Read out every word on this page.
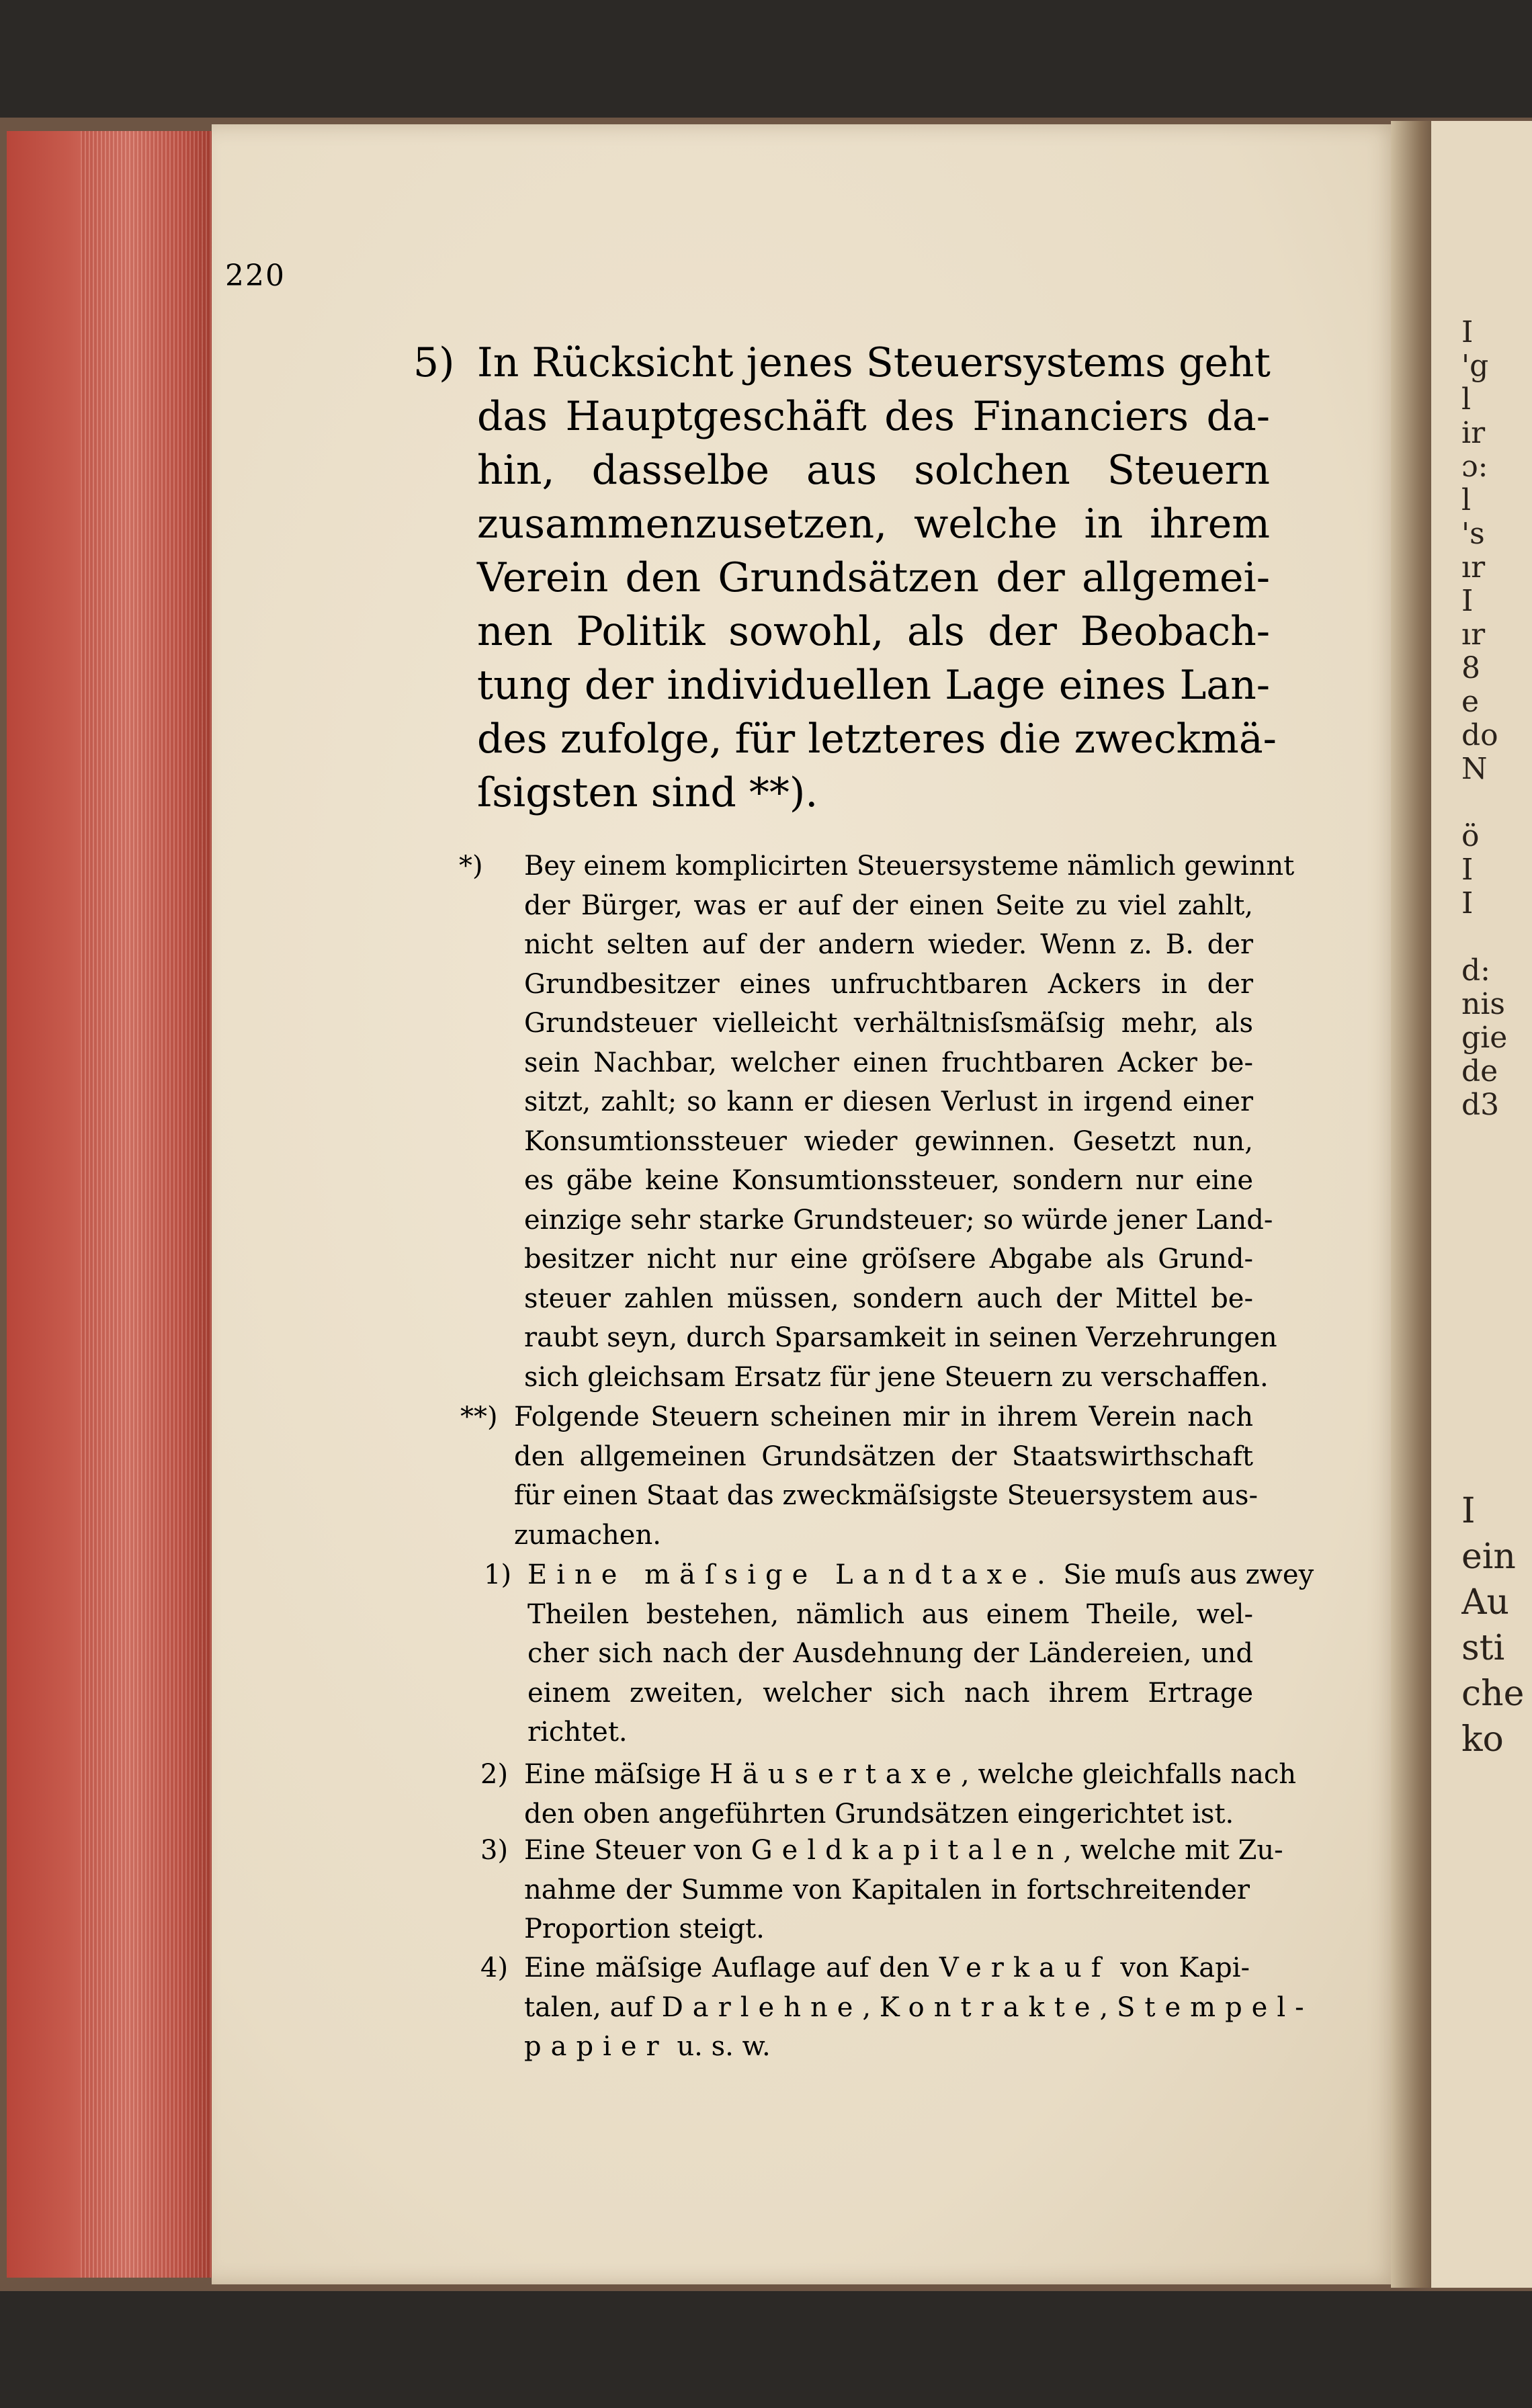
220
5) In Rücksicht jenes Steuersystems geht
das Hauptgeschäft des Financiers da-
hin, dasselbe aus solchen Steuern
zusammenzusetzen, welche in ihrem
Verein den Grundsätzen der allgemei-
nen Politik sowohl, als der Beobach-
tung der individuellen Lage eines Lan-
des zufolge, für letzteres die zweckmä-
ſsigsten sind **).
*) Bey einem komplicirten Steuersysteme nämlich gewinnt
der Bürger, was er auf der einen Seite zu viel zahlt,
nicht selten auf der andern wieder. Wenn z. B. der
Grundbesitzer eines unfruchtbaren Ackers in der
Grundsteuer vielleicht verhältnisſsmäſsig mehr, als
sein Nachbar, welcher einen fruchtbaren Acker be-
sitzt, zahlt; so kann er diesen Verlust in irgend einer
Konsumtionssteuer wieder gewinnen. Gesetzt nun,
es gäbe keine Konsumtionssteuer, sondern nur eine
einzige sehr starke Grundsteuer; so würde jener Land-
besitzer nicht nur eine gröſsere Abgabe als Grund-
steuer zahlen müssen, sondern auch der Mittel be-
raubt seyn, durch Sparsamkeit in seinen Verzehrungen
sich gleichsam Ersatz für jene Steuern zu verschaffen.
**) Folgende Steuern scheinen mir in ihrem Verein nach
den allgemeinen Grundsätzen der Staatswirthschaft
für einen Staat das zweckmäſsigste Steuersystem aus-
zumachen.
1) Eine mäſsige Landtaxe. Sie muſs aus zwey
Theilen bestehen, nämlich aus einem Theile, wel-
cher sich nach der Ausdehnung der Ländereien, und
einem zweiten, welcher sich nach ihrem Ertrage
richtet.
2) Eine mäſsige Häusertaxe, welche gleichfalls nach
den oben angeführten Grundsätzen eingerichtet ist.
3) Eine Steuer von Geldkapitalen, welche mit Zu-
nahme der Summe von Kapitalen in fortschreitender
Proportion steigt.
4) Eine mäſsige Auflage auf den Verkauf von Kapi-
talen, auf Darlehne, Kontrakte, Stempel-
papier u. s. w.
I
'g
l
ir
ɔ:
l
's
ır
I
ır
8
e
do
N

ö
I
I

d:
nis
gie
de
d3
I
ein
Au
sti
che
ko
